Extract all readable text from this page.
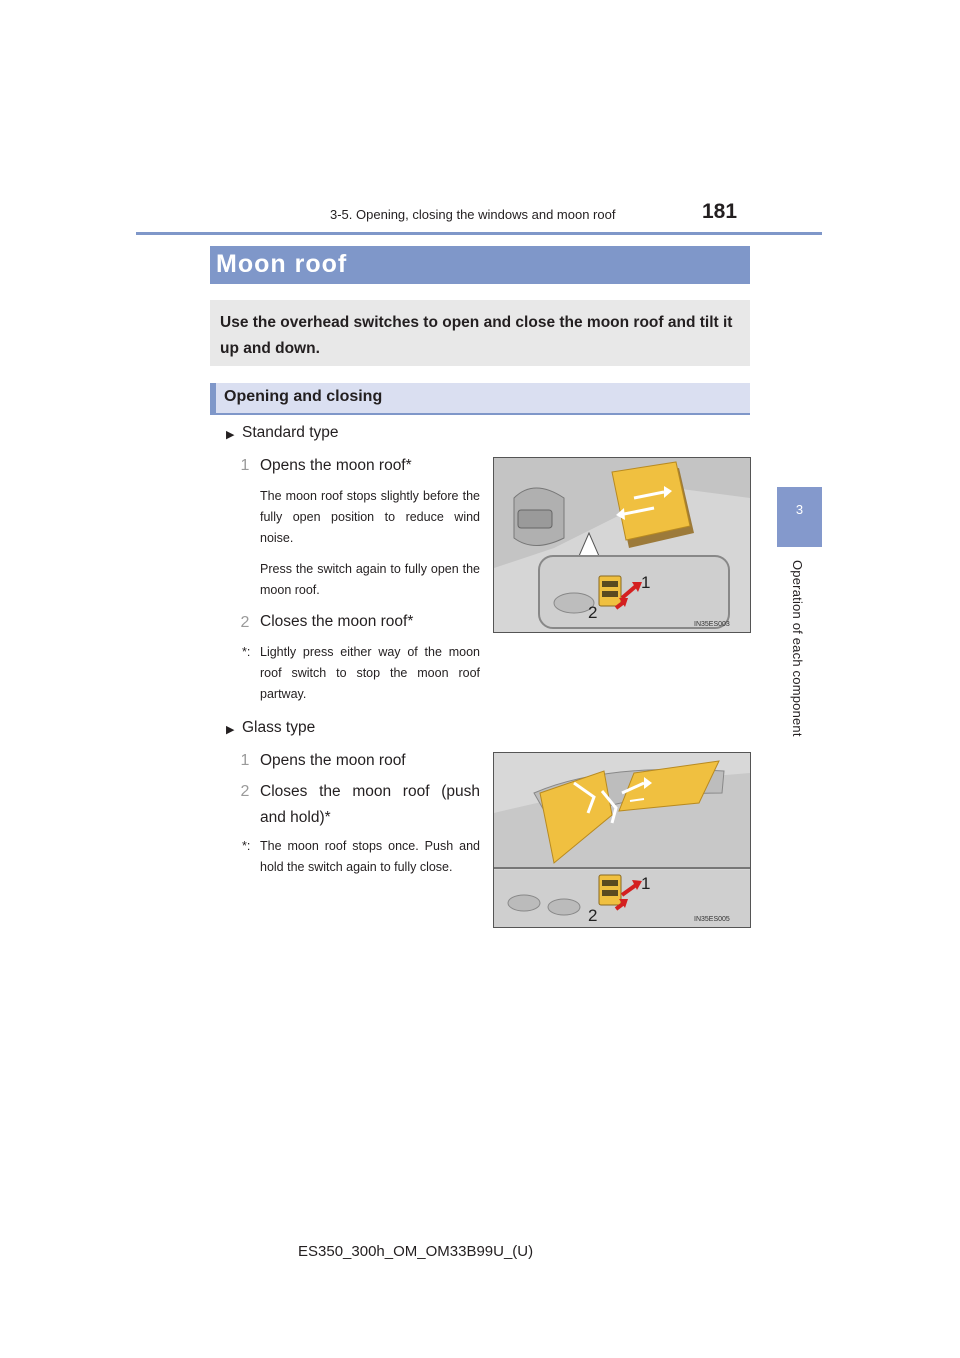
3-5. Opening, closing the windows and moon roof	181
3
Operation of each component
Moon roof
Use the overhead switches to open and close the moon roof and tilt it up and down.
Opening and closing
▶ Standard type
1 Opens the moon roof*
The moon roof stops slightly before the fully open position to reduce wind noise.
Press the switch again to fully open the moon roof.
2 Closes the moon roof*
*: Lightly press either way of the moon roof switch to stop the moon roof partway.
1
2
IN35ES003
▶ Glass type
1 Opens the moon roof
2 Closes the moon roof (push and hold)*
*: The moon roof stops once. Push and hold the switch again to fully close.
1
2	IN35ES005
ES350_300h_OM_OM33B99U_(U)
